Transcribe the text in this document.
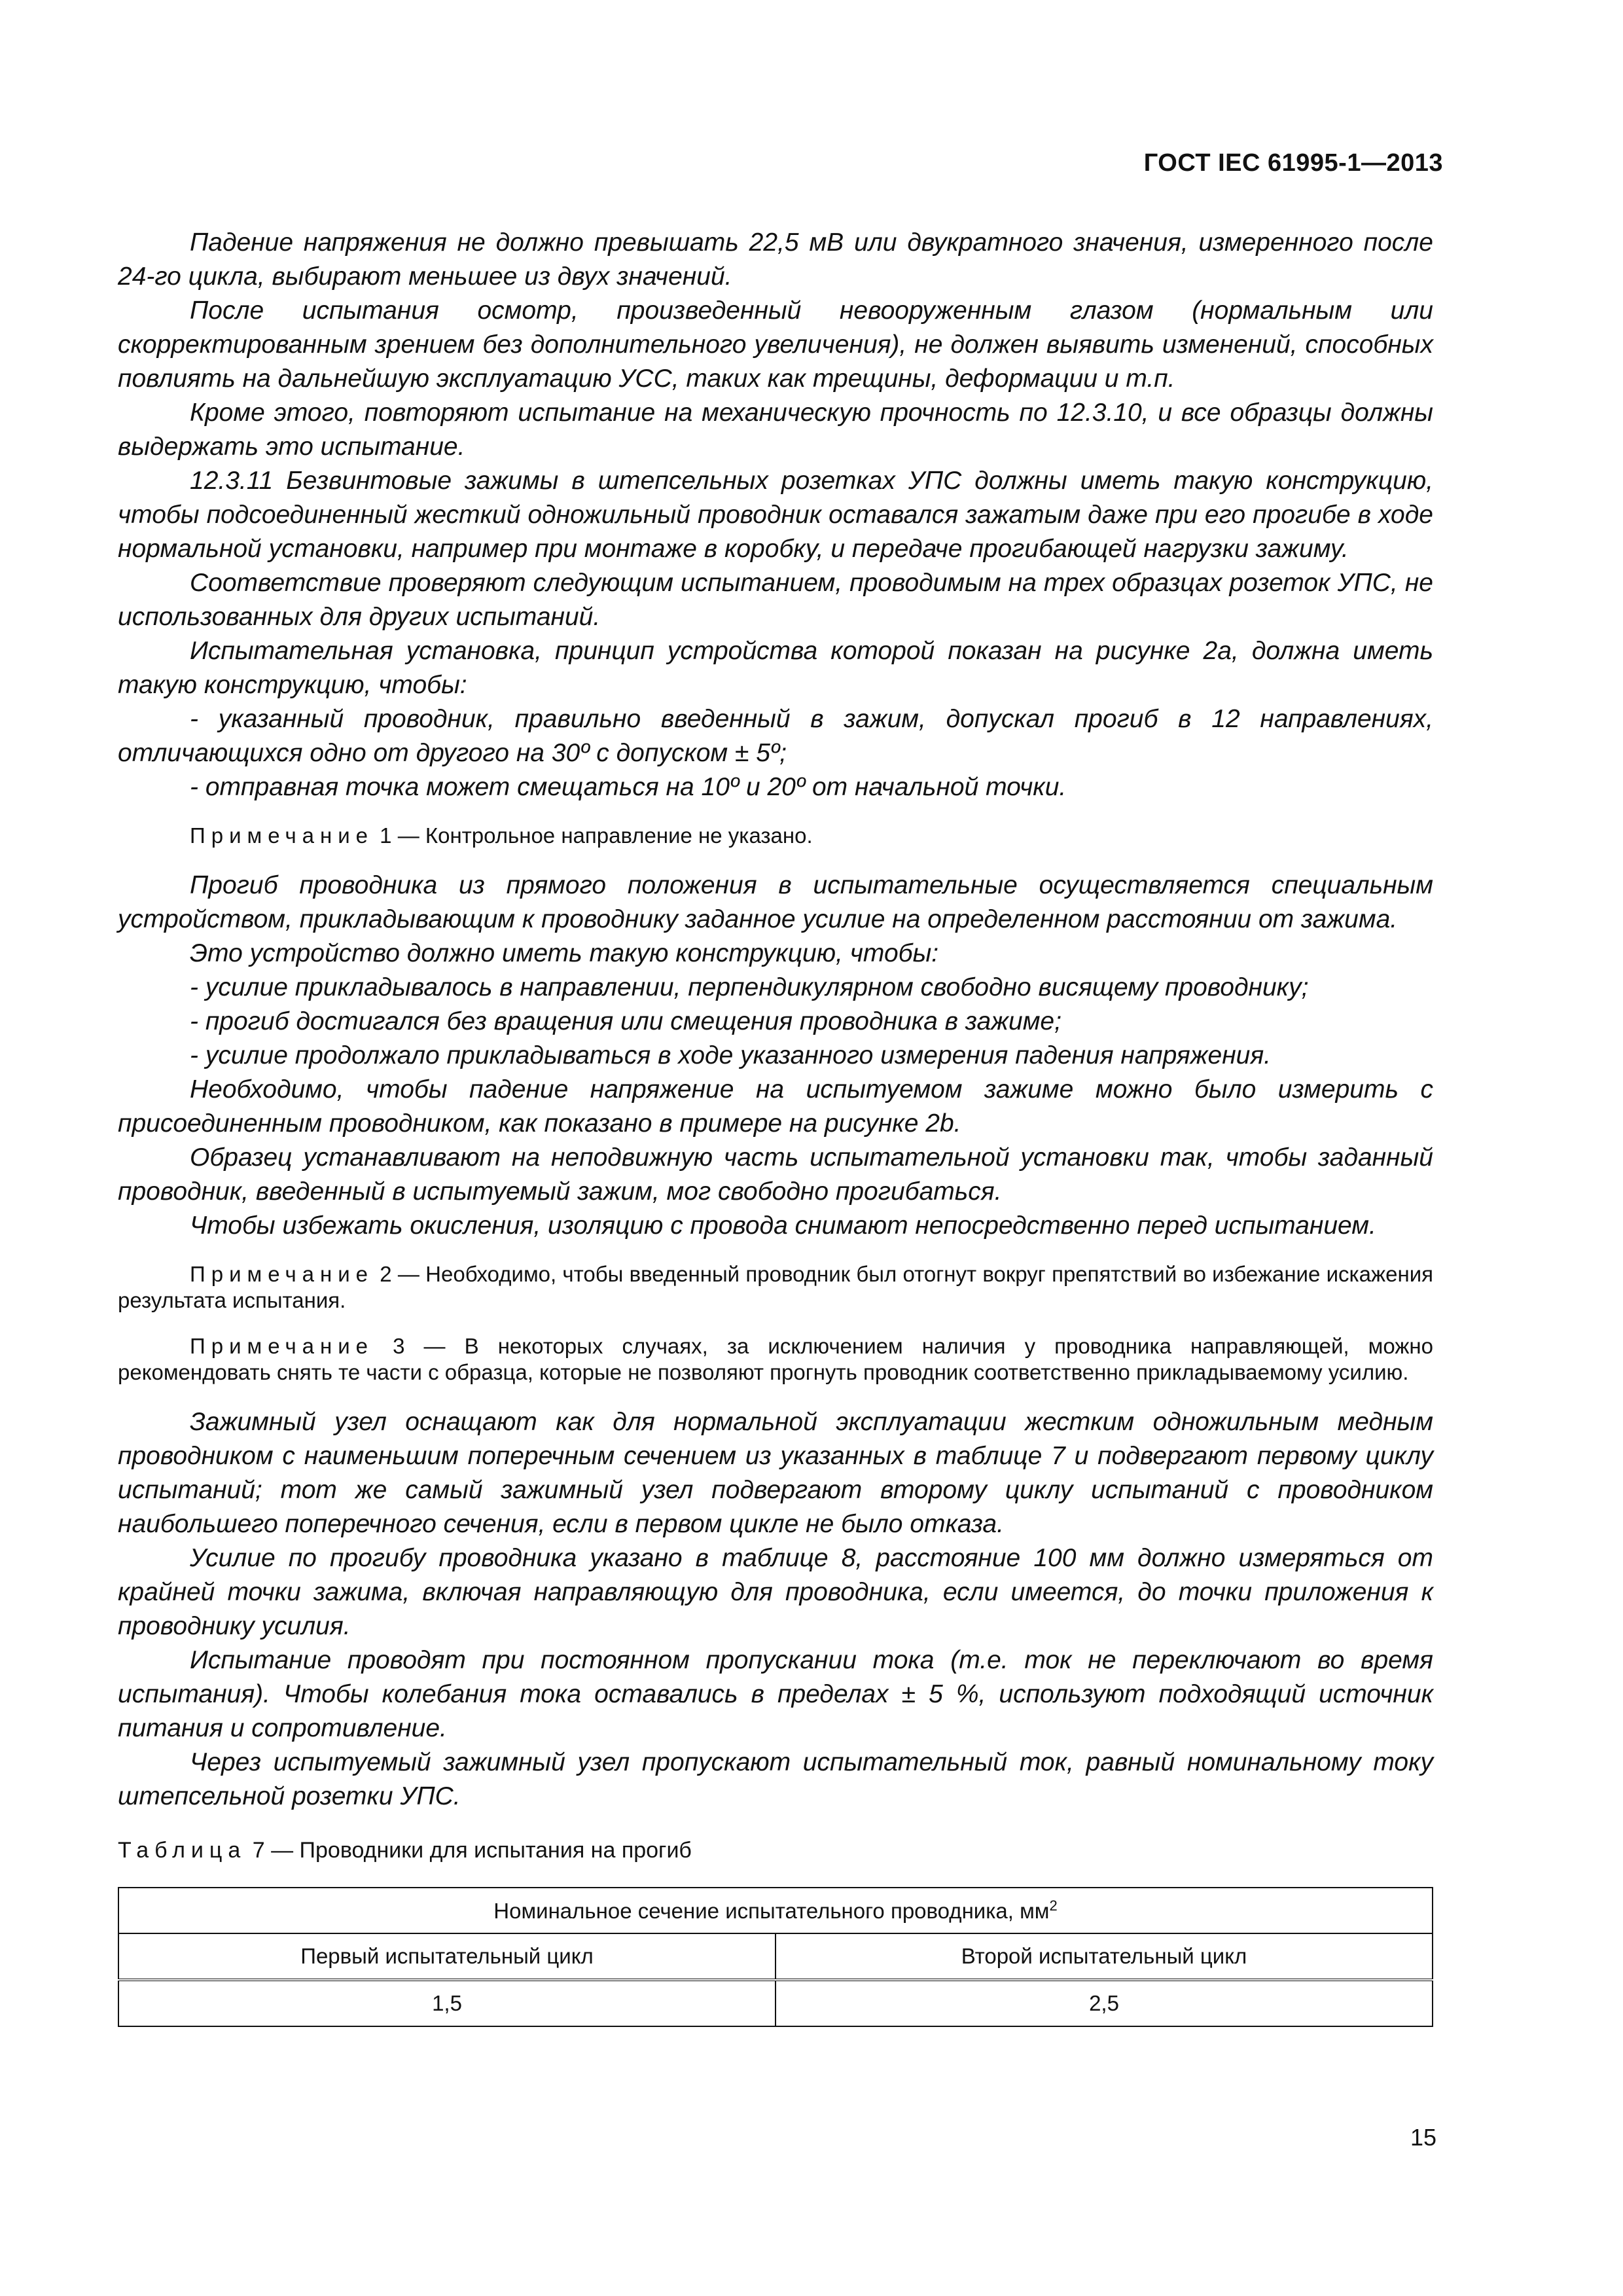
ГОСТ IEC 61995-1—2013

Падение напряжения не должно превышать 22,5 мВ или двукратного значения, измеренного после 24-го цикла, выбирают меньшее из двух значений.

После испытания осмотр, произведенный невооруженным глазом (нормальным или скорректированным зрением без дополнительного увеличения), не должен выявить изменений, способных повлиять на дальнейшую эксплуатацию УСС, таких как трещины, деформации и т.п.

Кроме этого, повторяют испытание на механическую прочность по 12.3.10, и все образцы должны выдержать это испытание.

12.3.11 Безвинтовые зажимы в штепсельных розетках УПС должны иметь такую конструкцию, чтобы подсоединенный жесткий одножильный проводник оставался зажатым даже при его прогибе в ходе нормальной установки, например при монтаже в коробку, и передаче прогибающей нагрузки зажиму.

Соответствие проверяют следующим испытанием, проводимым на трех образцах розеток УПС, не использованных для других испытаний.

Испытательная установка, принцип устройства которой показан на рисунке 2a, должна иметь такую конструкцию, чтобы:

- указанный проводник, правильно введенный в зажим, допускал прогиб в 12 направлениях, отличающихся одно от другого на 30º с допуском ± 5º;

- отправная точка может смещаться на 10º и 20º от начальной точки.

Примечание 1 — Контрольное направление не указано.

Прогиб проводника из прямого положения в испытательные осуществляется специальным устройством, прикладывающим к проводнику заданное усилие на определенном расстоянии от зажима.

Это устройство должно иметь такую конструкцию, чтобы:

- усилие прикладывалось в направлении, перпендикулярном свободно висящему проводнику;

- прогиб достигался без вращения или смещения проводника в зажиме;

- усилие продолжало прикладываться в ходе указанного измерения падения напряжения.

Необходимо, чтобы падение напряжение на испытуемом зажиме можно было измерить с присоединенным проводником, как показано в примере на рисунке 2b.

Образец устанавливают на неподвижную часть испытательной установки так, чтобы заданный проводник, введенный в испытуемый зажим, мог свободно прогибаться.

Чтобы избежать окисления, изоляцию с провода снимают непосредственно перед испытанием.

Примечание 2 — Необходимо, чтобы введенный проводник был отогнут вокруг препятствий во избежание искажения результата испытания.

Примечание 3 — В некоторых случаях, за исключением наличия у проводника направляющей, можно рекомендовать снять те части с образца, которые не позволяют прогнуть проводник соответственно прикладываемому усилию.

Зажимный узел оснащают как для нормальной эксплуатации жестким одножильным медным проводником с наименьшим поперечным сечением из указанных в таблице 7 и подвергают первому циклу испытаний; тот же самый зажимный узел подвергают второму циклу испытаний с проводником наибольшего поперечного сечения, если в первом цикле не было отказа.

Усилие по прогибу проводника указано в таблице 8, расстояние 100 мм должно измеряться от крайней точки зажима, включая направляющую для проводника, если имеется, до точки приложения к проводнику усилия.

Испытание проводят при постоянном пропускании тока (т.е. ток не переключают во время испытания). Чтобы колебания тока оставались в пределах ± 5 %, используют подходящий источник питания и сопротивление.

Через испытуемый зажимный узел пропускают испытательный ток, равный номинальному току штепсельной розетки УПС.

Таблица 7 — Проводники для испытания на прогиб
Номинальное сечение испытательного проводника, $мм^2$
Первый испытательный цикл	Второй испытательный цикл
1,5	2,5
15
